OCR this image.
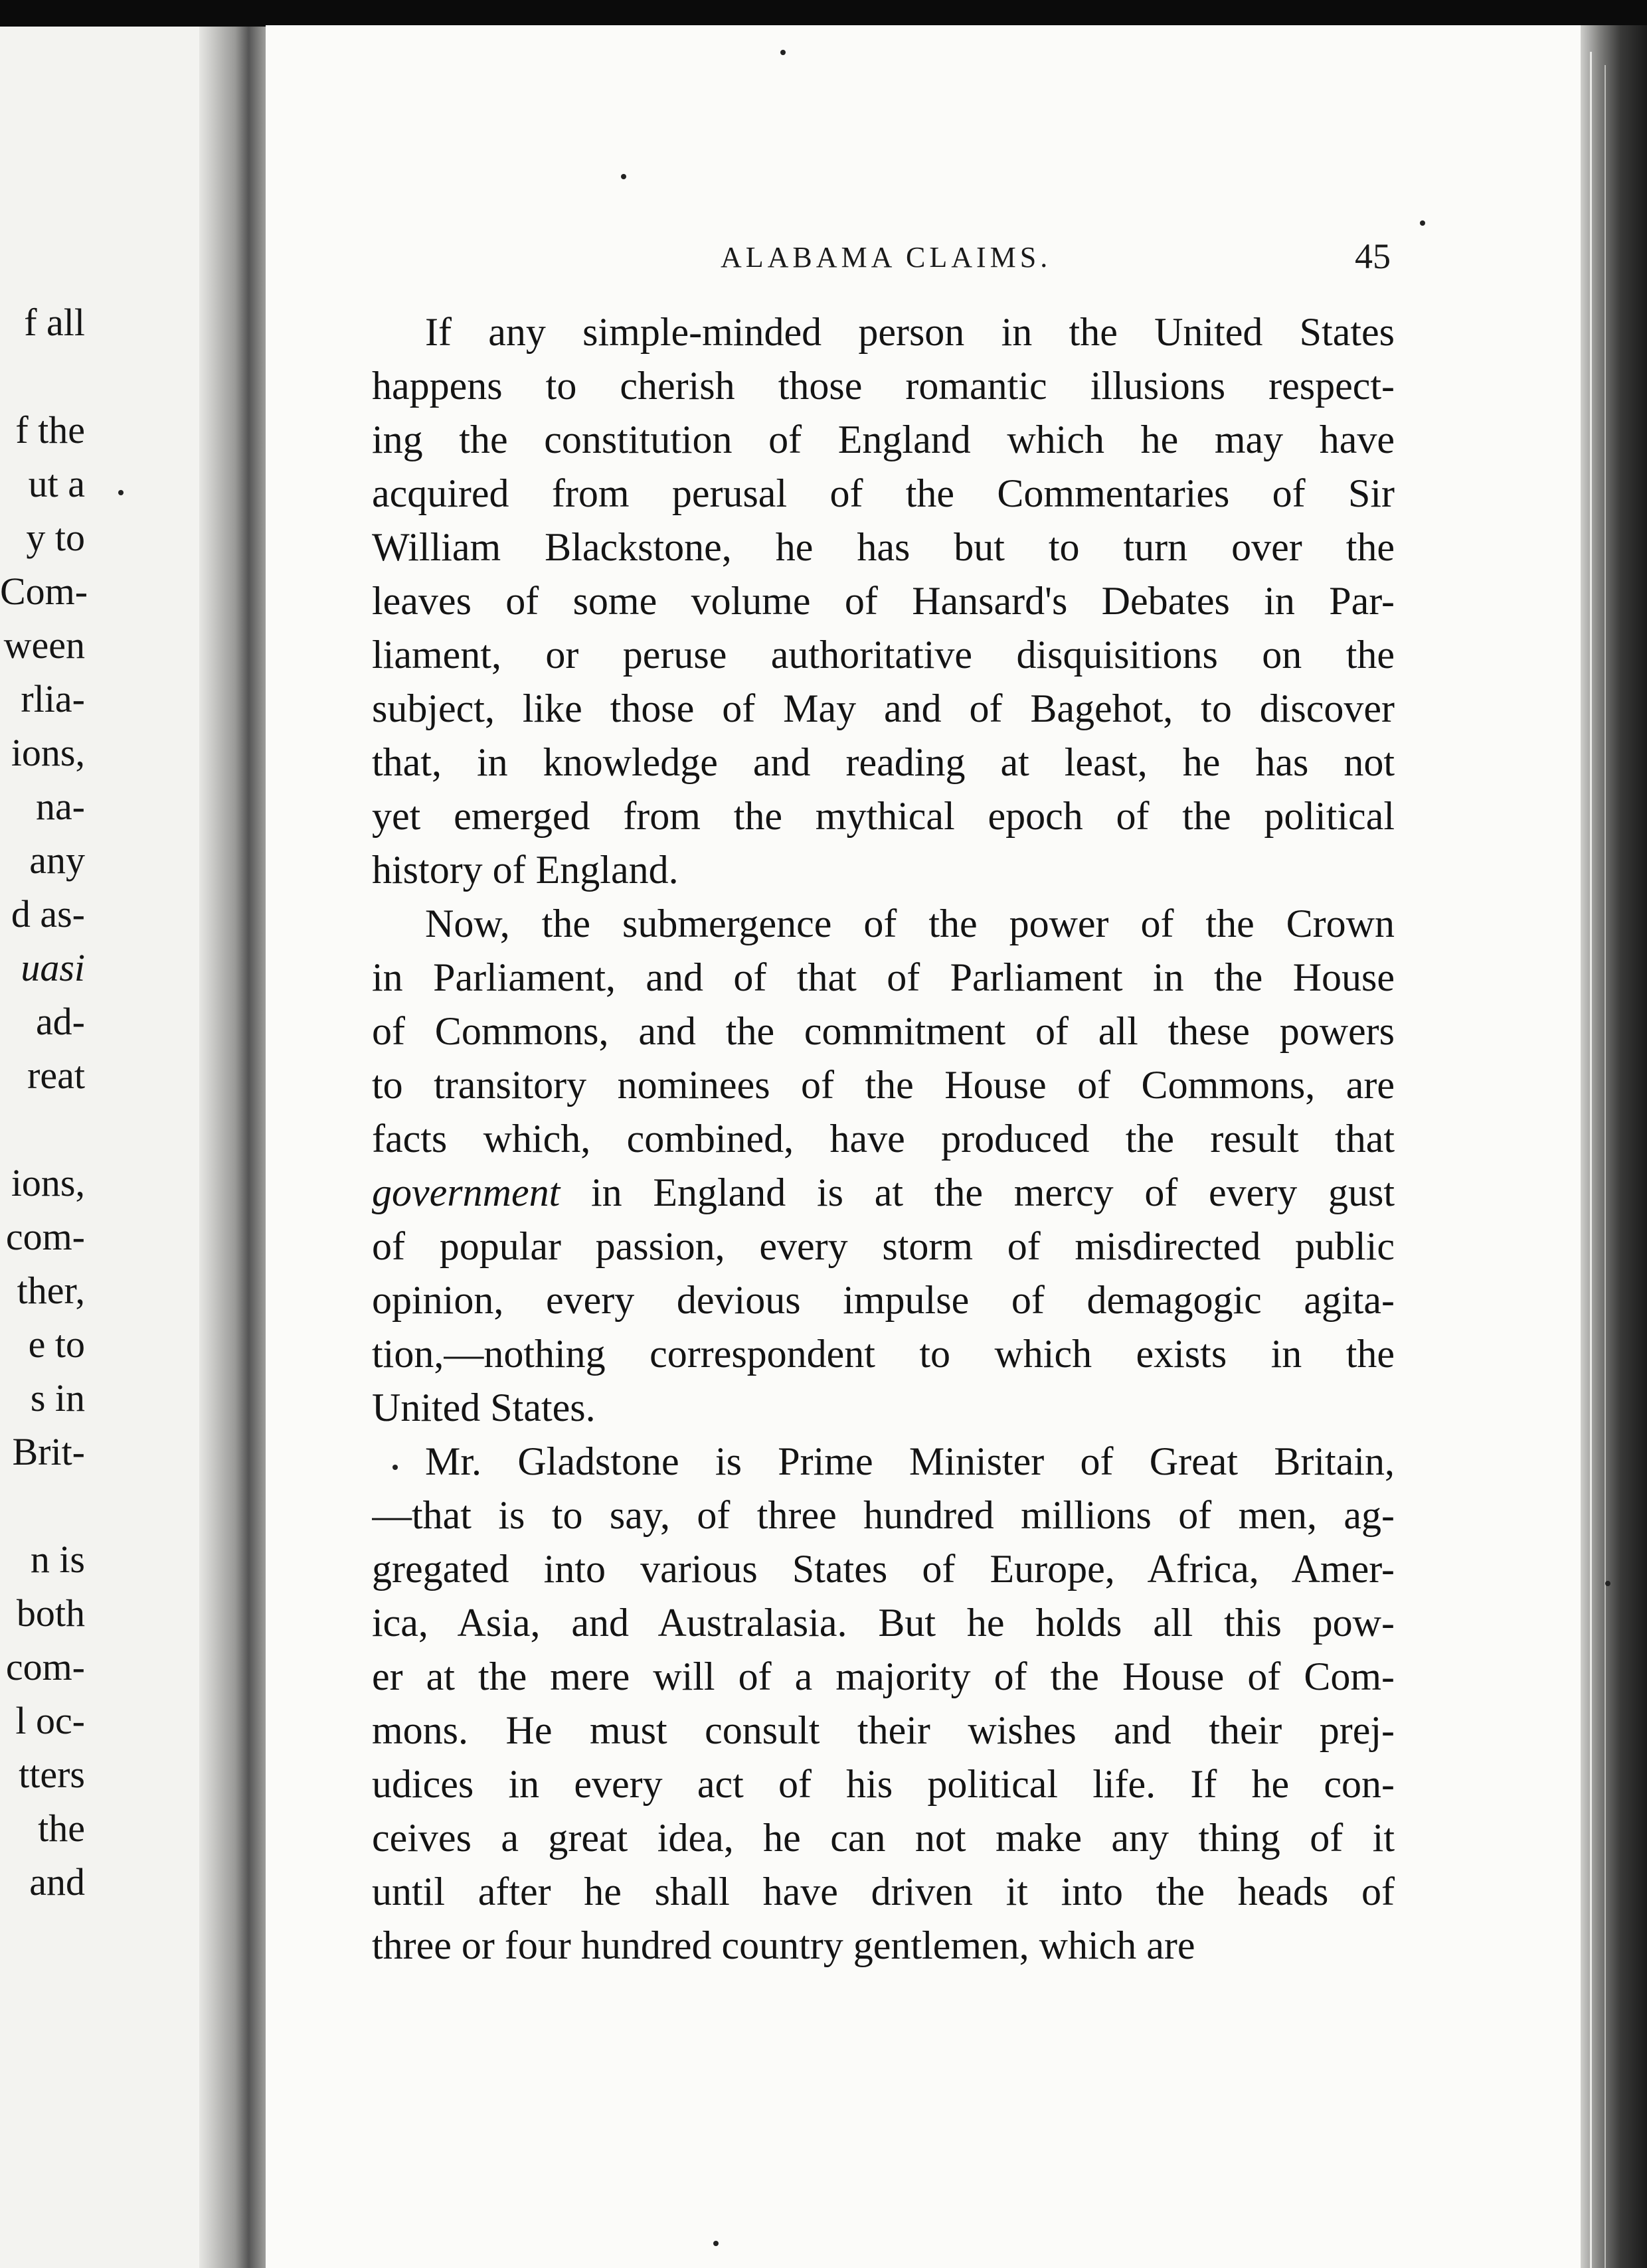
f all

f the
ut a
y to
Com-
ween
rlia-
ions,
na-
any
d as-
uasi
ad-
reat

ions,
com-
ther,
e to
s in
Brit-

n is
both
com-
l oc-
tters
the
and
ALABAMA CLAIMS.	45
If any simple-minded person in the United States
happens to cherish those romantic illusions respect-
ing the constitution of England which he may have
acquired from perusal of the Commentaries of Sir
William Blackstone, he has but to turn over the
leaves of some volume of Hansard's Debates in Par-
liament, or peruse authoritative disquisitions on the
subject, like those of May and of Bagehot, to discover
that, in knowledge and reading at least, he has not
yet emerged from the mythical epoch of the political
history of England.
Now, the submergence of the power of the Crown
in Parliament, and of that of Parliament in the House
of Commons, and the commitment of all these powers
to transitory nominees of the House of Commons, are
facts which, combined, have produced the result that
government in England is at the mercy of every gust
of popular passion, every storm of misdirected public
opinion, every devious impulse of demagogic agita-
tion,—nothing correspondent to which exists in the
United States.
Mr. Gladstone is Prime Minister of Great Britain,
—that is to say, of three hundred millions of men, ag-
gregated into various States of Europe, Africa, Amer-
ica, Asia, and Australasia. But he holds all this pow-
er at the mere will of a majority of the House of Com-
mons. He must consult their wishes and their prej-
udices in every act of his political life. If he con-
ceives a great idea, he can not make any thing of it
until after he shall have driven it into the heads of
three or four hundred country gentlemen, which are
